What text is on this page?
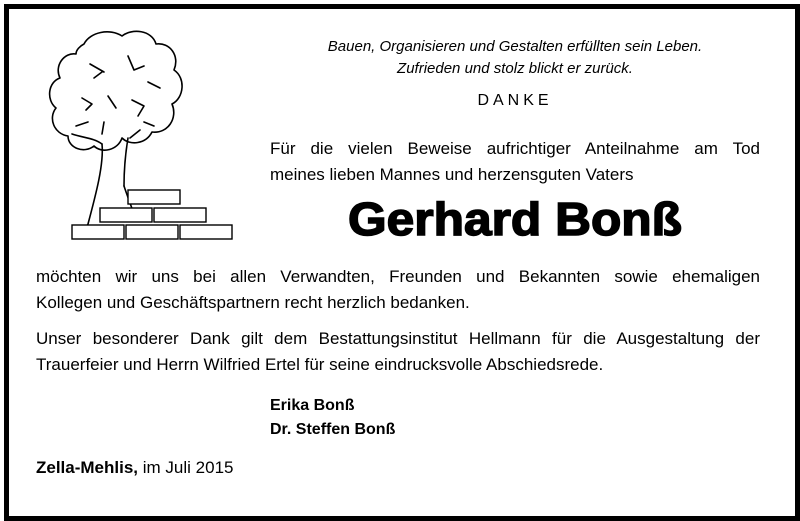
Bauen, Organisieren und Gestalten erfüllten sein Leben.
Zufrieden und stolz blickt er zurück.
DANKE
Für die vielen Beweise aufrichtiger Anteilnahme am Tod
meines lieben Mannes und herzensguten Vaters
Gerhard Bonß
möchten wir uns bei allen Verwandten, Freunden und Bekannten sowie ehemaligen
Kollegen und Geschäftspartnern recht herzlich bedanken.
Unser besonderer Dank gilt dem Bestattungsinstitut Hellmann für die Ausgestaltung der
Trauerfeier und Herrn Wilfried Ertel für seine eindrucksvolle Abschiedsrede.
Erika Bonß
Dr. Steffen Bonß
Zella-Mehlis, im Juli 2015
